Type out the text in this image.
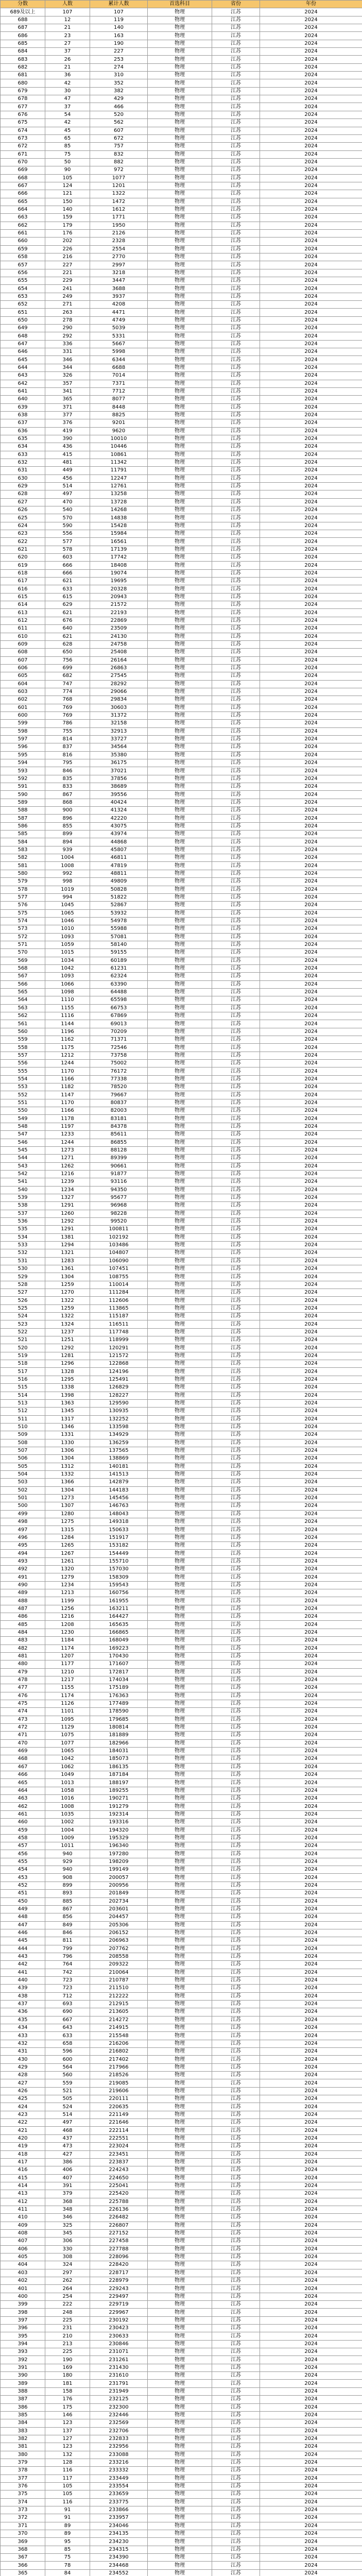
分数	人数	累计人数	首选科目	省份	年份
689及以上	107	107	物理	江苏	2024
688	12	119	物理	江苏	2024
687	21	140	物理	江苏	2024
686	23	163	物理	江苏	2024
685	27	190	物理	江苏	2024
684	37	227	物理	江苏	2024
683	26	253	物理	江苏	2024
682	21	274	物理	江苏	2024
681	36	310	物理	江苏	2024
680	42	352	物理	江苏	2024
679	30	382	物理	江苏	2024
678	47	429	物理	江苏	2024
677	37	466	物理	江苏	2024
676	54	520	物理	江苏	2024
675	42	562	物理	江苏	2024
674	45	607	物理	江苏	2024
673	65	672	物理	江苏	2024
672	85	757	物理	江苏	2024
671	75	832	物理	江苏	2024
670	50	882	物理	江苏	2024
669	90	972	物理	江苏	2024
668	105	1077	物理	江苏	2024
667	124	1201	物理	江苏	2024
666	121	1322	物理	江苏	2024
665	150	1472	物理	江苏	2024
664	140	1612	物理	江苏	2024
663	159	1771	物理	江苏	2024
662	179	1950	物理	江苏	2024
661	176	2126	物理	江苏	2024
660	202	2328	物理	江苏	2024
659	226	2554	物理	江苏	2024
658	216	2770	物理	江苏	2024
657	227	2997	物理	江苏	2024
656	221	3218	物理	江苏	2024
655	229	3447	物理	江苏	2024
654	241	3688	物理	江苏	2024
653	249	3937	物理	江苏	2024
652	271	4208	物理	江苏	2024
651	263	4471	物理	江苏	2024
650	278	4749	物理	江苏	2024
649	290	5039	物理	江苏	2024
648	292	5331	物理	江苏	2024
647	336	5667	物理	江苏	2024
646	331	5998	物理	江苏	2024
645	346	6344	物理	江苏	2024
644	344	6688	物理	江苏	2024
643	326	7014	物理	江苏	2024
642	357	7371	物理	江苏	2024
641	341	7712	物理	江苏	2024
640	365	8077	物理	江苏	2024
639	371	8448	物理	江苏	2024
638	377	8825	物理	江苏	2024
637	376	9201	物理	江苏	2024
636	419	9620	物理	江苏	2024
635	390	10010	物理	江苏	2024
634	436	10446	物理	江苏	2024
633	415	10861	物理	江苏	2024
632	481	11342	物理	江苏	2024
631	449	11791	物理	江苏	2024
630	456	12247	物理	江苏	2024
629	514	12761	物理	江苏	2024
628	497	13258	物理	江苏	2024
627	470	13728	物理	江苏	2024
626	540	14268	物理	江苏	2024
625	570	14838	物理	江苏	2024
624	590	15428	物理	江苏	2024
623	556	15984	物理	江苏	2024
622	577	16561	物理	江苏	2024
621	578	17139	物理	江苏	2024
620	603	17742	物理	江苏	2024
619	666	18408	物理	江苏	2024
618	666	19074	物理	江苏	2024
617	621	19695	物理	江苏	2024
616	633	20328	物理	江苏	2024
615	615	20943	物理	江苏	2024
614	629	21572	物理	江苏	2024
613	621	22193	物理	江苏	2024
612	676	22869	物理	江苏	2024
611	640	23509	物理	江苏	2024
610	621	24130	物理	江苏	2024
609	628	24758	物理	江苏	2024
608	650	25408	物理	江苏	2024
607	756	26164	物理	江苏	2024
606	699	26863	物理	江苏	2024
605	682	27545	物理	江苏	2024
604	747	28292	物理	江苏	2024
603	774	29066	物理	江苏	2024
602	768	29834	物理	江苏	2024
601	769	30603	物理	江苏	2024
600	769	31372	物理	江苏	2024
599	786	32158	物理	江苏	2024
598	755	32913	物理	江苏	2024
597	814	33727	物理	江苏	2024
596	837	34564	物理	江苏	2024
595	816	35380	物理	江苏	2024
594	795	36175	物理	江苏	2024
593	846	37021	物理	江苏	2024
592	835	37856	物理	江苏	2024
591	833	38689	物理	江苏	2024
590	867	39556	物理	江苏	2024
589	868	40424	物理	江苏	2024
588	900	41324	物理	江苏	2024
587	896	42220	物理	江苏	2024
586	855	43075	物理	江苏	2024
585	899	43974	物理	江苏	2024
584	894	44868	物理	江苏	2024
583	939	45807	物理	江苏	2024
582	1004	46811	物理	江苏	2024
581	1008	47819	物理	江苏	2024
580	992	48811	物理	江苏	2024
579	998	49809	物理	江苏	2024
578	1019	50828	物理	江苏	2024
577	994	51822	物理	江苏	2024
576	1045	52867	物理	江苏	2024
575	1065	53932	物理	江苏	2024
574	1046	54978	物理	江苏	2024
573	1010	55988	物理	江苏	2024
572	1093	57081	物理	江苏	2024
571	1059	58140	物理	江苏	2024
570	1015	59155	物理	江苏	2024
569	1034	60189	物理	江苏	2024
568	1042	61231	物理	江苏	2024
567	1093	62324	物理	江苏	2024
566	1066	63390	物理	江苏	2024
565	1098	64488	物理	江苏	2024
564	1110	65598	物理	江苏	2024
563	1155	66753	物理	江苏	2024
562	1116	67869	物理	江苏	2024
561	1144	69013	物理	江苏	2024
560	1196	70209	物理	江苏	2024
559	1162	71371	物理	江苏	2024
558	1175	72546	物理	江苏	2024
557	1212	73758	物理	江苏	2024
556	1244	75002	物理	江苏	2024
555	1170	76172	物理	江苏	2024
554	1166	77338	物理	江苏	2024
553	1182	78520	物理	江苏	2024
552	1147	79667	物理	江苏	2024
551	1170	80837	物理	江苏	2024
550	1166	82003	物理	江苏	2024
549	1178	83181	物理	江苏	2024
548	1197	84378	物理	江苏	2024
547	1233	85611	物理	江苏	2024
546	1244	86855	物理	江苏	2024
545	1273	88128	物理	江苏	2024
544	1271	89399	物理	江苏	2024
543	1262	90661	物理	江苏	2024
542	1216	91877	物理	江苏	2024
541	1239	93116	物理	江苏	2024
540	1234	94350	物理	江苏	2024
539	1327	95677	物理	江苏	2024
538	1291	96968	物理	江苏	2024
537	1260	98228	物理	江苏	2024
536	1292	99520	物理	江苏	2024
535	1291	100811	物理	江苏	2024
534	1381	102192	物理	江苏	2024
533	1294	103486	物理	江苏	2024
532	1321	104807	物理	江苏	2024
531	1283	106090	物理	江苏	2024
530	1361	107451	物理	江苏	2024
529	1304	108755	物理	江苏	2024
528	1259	110014	物理	江苏	2024
527	1270	111284	物理	江苏	2024
526	1322	112606	物理	江苏	2024
525	1259	113865	物理	江苏	2024
524	1322	115187	物理	江苏	2024
523	1324	116511	物理	江苏	2024
522	1237	117748	物理	江苏	2024
521	1251	118999	物理	江苏	2024
520	1292	120291	物理	江苏	2024
519	1281	121572	物理	江苏	2024
518	1296	122868	物理	江苏	2024
517	1328	124196	物理	江苏	2024
516	1295	125491	物理	江苏	2024
515	1338	126829	物理	江苏	2024
514	1398	128227	物理	江苏	2024
513	1363	129590	物理	江苏	2024
512	1345	130935	物理	江苏	2024
511	1317	132252	物理	江苏	2024
510	1346	133598	物理	江苏	2024
509	1331	134929	物理	江苏	2024
508	1330	136259	物理	江苏	2024
507	1306	137565	物理	江苏	2024
506	1304	138869	物理	江苏	2024
505	1312	140181	物理	江苏	2024
504	1332	141513	物理	江苏	2024
503	1366	142879	物理	江苏	2024
502	1304	144183	物理	江苏	2024
501	1273	145456	物理	江苏	2024
500	1307	146763	物理	江苏	2024
499	1280	148043	物理	江苏	2024
498	1275	149318	物理	江苏	2024
497	1315	150633	物理	江苏	2024
496	1284	151917	物理	江苏	2024
495	1265	153182	物理	江苏	2024
494	1267	154449	物理	江苏	2024
493	1261	155710	物理	江苏	2024
492	1320	157030	物理	江苏	2024
491	1279	158309	物理	江苏	2024
490	1234	159543	物理	江苏	2024
489	1213	160756	物理	江苏	2024
488	1199	161955	物理	江苏	2024
487	1256	163211	物理	江苏	2024
486	1216	164427	物理	江苏	2024
485	1208	165635	物理	江苏	2024
484	1230	166865	物理	江苏	2024
483	1184	168049	物理	江苏	2024
482	1174	169223	物理	江苏	2024
481	1207	170430	物理	江苏	2024
480	1177	171607	物理	江苏	2024
479	1210	172817	物理	江苏	2024
478	1217	174034	物理	江苏	2024
477	1155	175189	物理	江苏	2024
476	1174	176363	物理	江苏	2024
475	1126	177489	物理	江苏	2024
474	1101	178590	物理	江苏	2024
473	1095	179685	物理	江苏	2024
472	1129	180814	物理	江苏	2024
471	1075	181889	物理	江苏	2024
470	1077	182966	物理	江苏	2024
469	1065	184031	物理	江苏	2024
468	1042	185073	物理	江苏	2024
467	1062	186135	物理	江苏	2024
466	1049	187184	物理	江苏	2024
465	1013	188197	物理	江苏	2024
464	1058	189255	物理	江苏	2024
463	1016	190271	物理	江苏	2024
462	1008	191279	物理	江苏	2024
461	1035	192314	物理	江苏	2024
460	1002	193316	物理	江苏	2024
459	1004	194320	物理	江苏	2024
458	1009	195329	物理	江苏	2024
457	1011	196340	物理	江苏	2024
456	940	197280	物理	江苏	2024
455	929	198209	物理	江苏	2024
454	940	199149	物理	江苏	2024
453	908	200057	物理	江苏	2024
452	899	200956	物理	江苏	2024
451	893	201849	物理	江苏	2024
450	885	202734	物理	江苏	2024
449	867	203601	物理	江苏	2024
448	856	204457	物理	江苏	2024
447	849	205306	物理	江苏	2024
446	846	206152	物理	江苏	2024
445	811	206963	物理	江苏	2024
444	799	207762	物理	江苏	2024
443	796	208558	物理	江苏	2024
442	764	209322	物理	江苏	2024
441	742	210064	物理	江苏	2024
440	723	210787	物理	江苏	2024
439	723	211510	物理	江苏	2024
438	712	212222	物理	江苏	2024
437	693	212915	物理	江苏	2024
436	690	213605	物理	江苏	2024
435	667	214272	物理	江苏	2024
434	643	214915	物理	江苏	2024
433	633	215548	物理	江苏	2024
432	658	216206	物理	江苏	2024
431	596	216802	物理	江苏	2024
430	600	217402	物理	江苏	2024
429	564	217966	物理	江苏	2024
428	560	218526	物理	江苏	2024
427	559	219085	物理	江苏	2024
426	521	219606	物理	江苏	2024
425	505	220111	物理	江苏	2024
424	524	220635	物理	江苏	2024
423	514	221149	物理	江苏	2024
422	497	221646	物理	江苏	2024
421	468	222114	物理	江苏	2024
420	437	222551	物理	江苏	2024
419	473	223024	物理	江苏	2024
418	427	223451	物理	江苏	2024
417	386	223837	物理	江苏	2024
416	406	224243	物理	江苏	2024
415	407	224650	物理	江苏	2024
414	391	225041	物理	江苏	2024
413	379	225420	物理	江苏	2024
412	368	225788	物理	江苏	2024
411	348	226136	物理	江苏	2024
410	346	226482	物理	江苏	2024
409	325	226807	物理	江苏	2024
408	345	227152	物理	江苏	2024
407	306	227458	物理	江苏	2024
406	330	227788	物理	江苏	2024
405	308	228096	物理	江苏	2024
404	324	228420	物理	江苏	2024
403	297	228717	物理	江苏	2024
402	262	228979	物理	江苏	2024
401	264	229243	物理	江苏	2024
400	254	229497	物理	江苏	2024
399	222	229719	物理	江苏	2024
398	248	229967	物理	江苏	2024
397	225	230192	物理	江苏	2024
396	231	230423	物理	江苏	2024
395	210	230633	物理	江苏	2024
394	213	230846	物理	江苏	2024
393	225	231071	物理	江苏	2024
392	190	231261	物理	江苏	2024
391	169	231430	物理	江苏	2024
390	180	231610	物理	江苏	2024
389	181	231791	物理	江苏	2024
388	158	231949	物理	江苏	2024
387	176	232125	物理	江苏	2024
386	175	232300	物理	江苏	2024
385	146	232446	物理	江苏	2024
384	123	232569	物理	江苏	2024
383	137	232706	物理	江苏	2024
382	127	232833	物理	江苏	2024
381	123	232956	物理	江苏	2024
380	132	233088	物理	江苏	2024
379	128	233216	物理	江苏	2024
378	116	233332	物理	江苏	2024
377	117	233449	物理	江苏	2024
376	105	233554	物理	江苏	2024
375	105	233659	物理	江苏	2024
374	116	233775	物理	江苏	2024
373	91	233866	物理	江苏	2024
372	91	233957	物理	江苏	2024
371	89	234046	物理	江苏	2024
370	89	234135	物理	江苏	2024
369	95	234230	物理	江苏	2024
368	85	234315	物理	江苏	2024
367	75	234390	物理	江苏	2024
366	78	234468	物理	江苏	2024
365	84	234552	物理	江苏	2024
